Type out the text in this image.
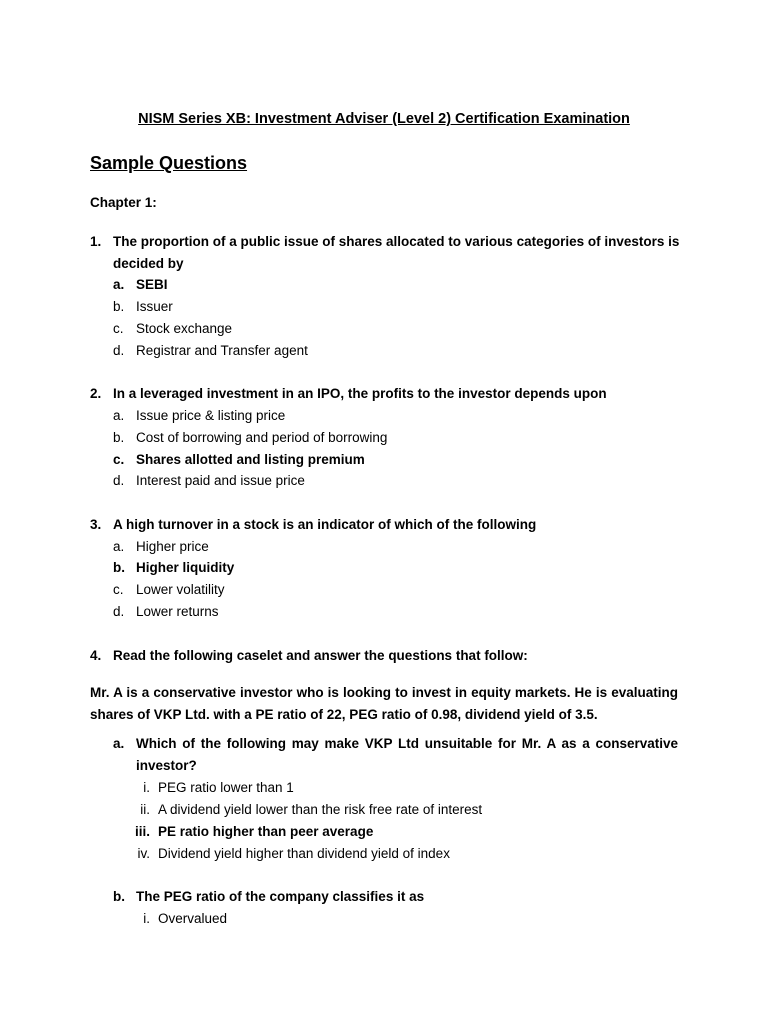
NISM Series XB: Investment Adviser (Level 2) Certification Examination
Sample Questions
Chapter 1:
1. The proportion of a public issue of shares allocated to various categories of investors is
decided by
a. SEBI
b. Issuer
c. Stock exchange
d. Registrar and Transfer agent
2. In a leveraged investment in an IPO, the profits to the investor depends upon
a. Issue price & listing price
b. Cost of borrowing and period of borrowing
c. Shares allotted and listing premium
d. Interest paid and issue price
3. A high turnover in a stock is an indicator of which of the following
a. Higher price
b. Higher liquidity
c. Lower volatility
d. Lower returns
4. Read the following caselet and answer the questions that follow:
Mr. A is a conservative investor who is looking to invest in equity markets. He is evaluating
shares of VKP Ltd. with a PE ratio of 22, PEG ratio of 0.98, dividend yield of 3.5.
a. Which of the following may make VKP Ltd unsuitable for Mr. A as a conservative
investor?
i. PEG ratio lower than 1
ii. A dividend yield lower than the risk free rate of interest
iii. PE ratio higher than peer average
iv. Dividend yield higher than dividend yield of index
b. The PEG ratio of the company classifies it as
i. Overvalued
